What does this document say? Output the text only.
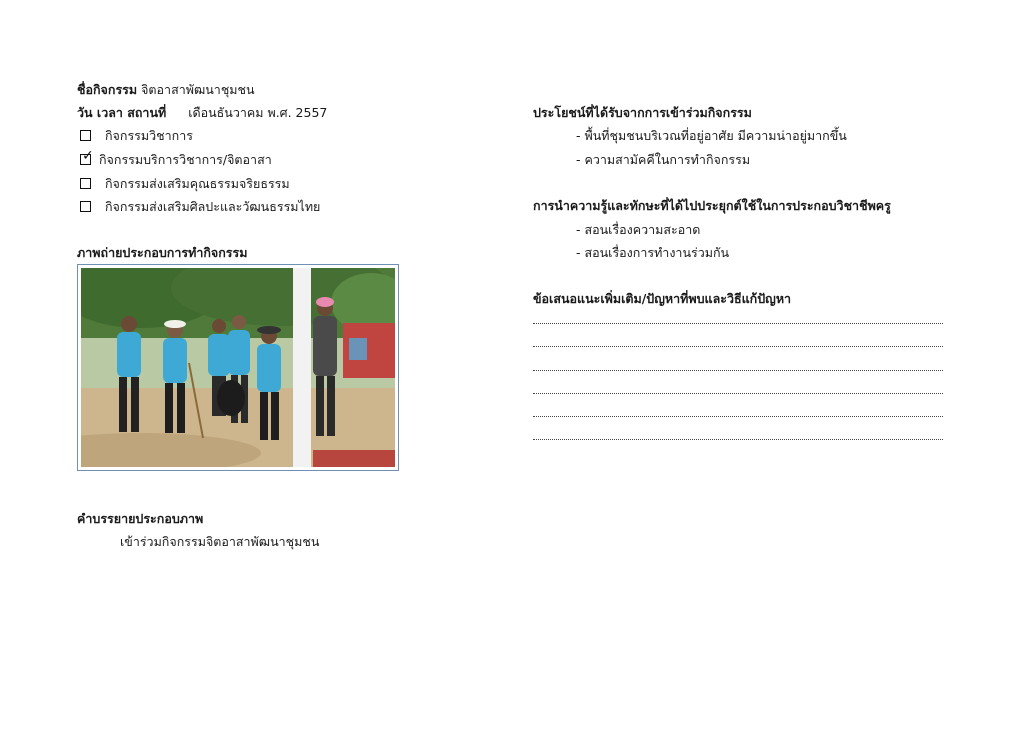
ชื่อกิจกรรม จิตอาสาพัฒนาชุมชน
วัน เวลา สถานที่ เดือนธันวาคม พ.ศ. 2557
กิจกรรมวิชาการ
✓ กิจกรรมบริการวิชาการ/จิตอาสา
กิจกรรมส่งเสริมคุณธรรมจริยธรรม
กิจกรรมส่งเสริมศิลปะและวัฒนธรรมไทย
ภาพถ่ายประกอบการทำกิจกรรม
คำบรรยายประกอบภาพ
เข้าร่วมกิจกรรมจิตอาสาพัฒนาชุมชน
ประโยชน์ที่ได้รับจากการเข้าร่วมกิจกรรม
- พื้นที่ชุมชนบริเวณที่อยู่อาศัย มีความน่าอยู่มากขึ้น
- ความสามัคคีในการทำกิจกรรม
การนำความรู้และทักษะที่ได้ไปประยุกต์ใช้ในการประกอบวิชาชีพครู
- สอนเรื่องความสะอาด
- สอนเรื่องการทำงานร่วมกัน
ข้อเสนอแนะเพิ่มเติม/ปัญหาที่พบและวิธีแก้ปัญหา
